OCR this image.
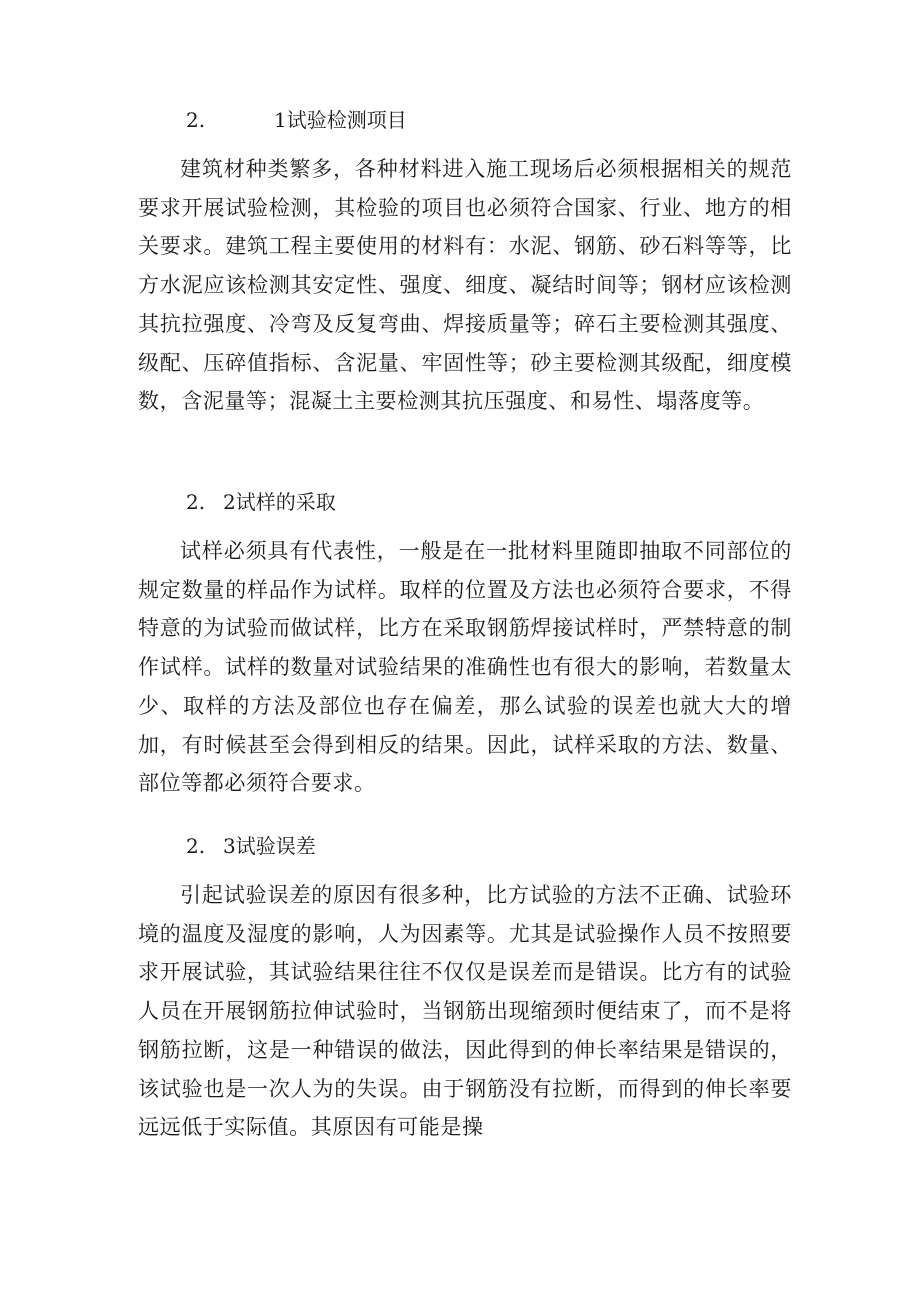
2.	1试验检测项目

建筑材种类繁多，各种材料进入施工现场后必须根据相关的规范要求开展试验检测，其检验的项目也必须符合国家、行业、地方的相关要求。建筑工程主要使用的材料有：水泥、钢筋、砂石料等等，比方水泥应该检测其安定性、强度、细度、凝结时间等；钢材应该检测其抗拉强度、冷弯及反复弯曲、焊接质量等；碎石主要检测其强度、级配、压碎值指标、含泥量、牢固性等；砂主要检测其级配，细度模数，含泥量等；混凝土主要检测其抗压强度、和易性、塌落度等。

2. 2试样的采取

试样必须具有代表性，一般是在一批材料里随即抽取不同部位的规定数量的样品作为试样。取样的位置及方法也必须符合要求，不得特意的为试验而做试样，比方在采取钢筋焊接试样时，严禁特意的制作试样。试样的数量对试验结果的准确性也有很大的影响，若数量太少、取样的方法及部位也存在偏差，那么试验的误差也就大大的增加，有时候甚至会得到相反的结果。因此，试样采取的方法、数量、部位等都必须符合要求。

2. 3试验误差

引起试验误差的原因有很多种，比方试验的方法不正确、试验环境的温度及湿度的影响，人为因素等。尤其是试验操作人员不按照要求开展试验，其试验结果往往不仅仅是误差而是错误。比方有的试验人员在开展钢筋拉伸试验时，当钢筋出现缩颈时便结束了，而不是将钢筋拉断，这是一种错误的做法，因此得到的伸长率结果是错误的，该试验也是一次人为的失误。由于钢筋没有拉断，而得到的伸长率要远远低于实际值。其原因有可能是操
